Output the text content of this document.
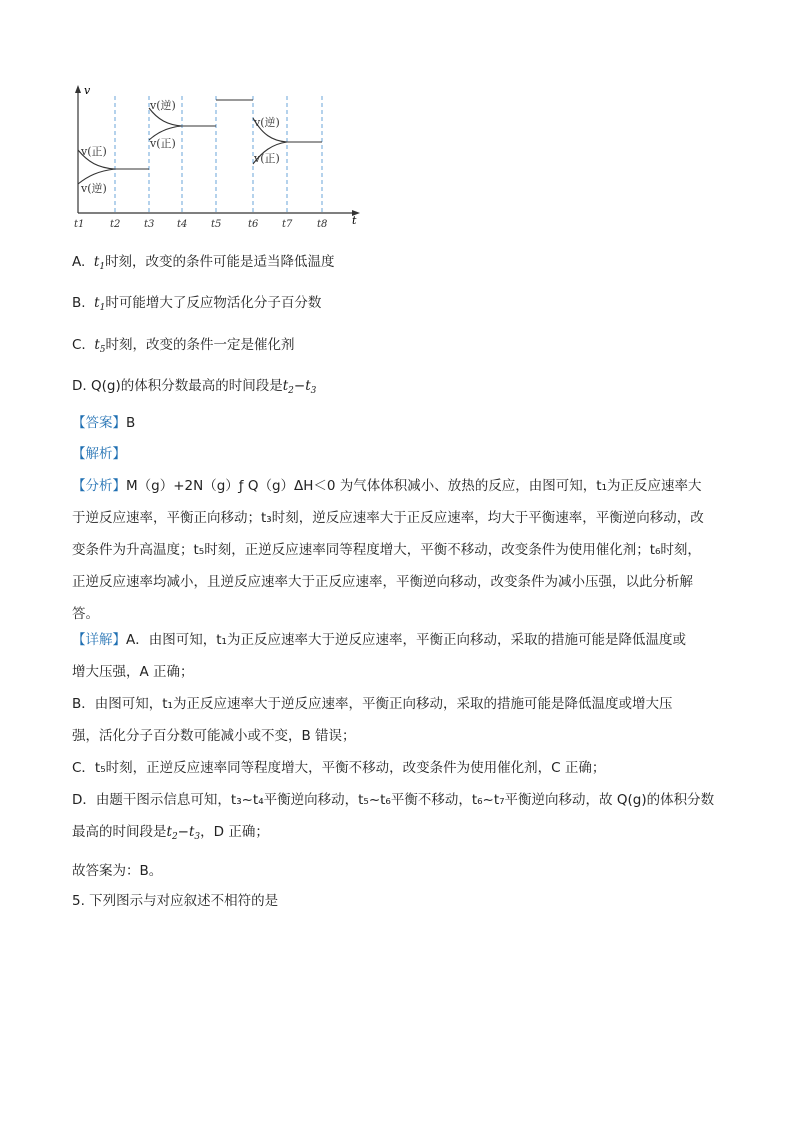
v
t
v(正)
v(逆)
v(逆)
v(正)
v(逆)
v(正)
t1	t2 t3 t4 t5	t6 t7 t8
A. $t_1$时刻，改变的条件可能是适当降低温度
B. $t_1$时可能增大了反应物活化分子百分数
C. $t_5$时刻，改变的条件一定是催化剂
D. Q(g)的体积分数最高的时间段是$t_2-t_3$
【答案】B
【解析】

【分析】M（g）+2N（g）ƒ Q（g）ΔH＜0 为气体体积减小、放热的反应，由图可知，t₁为正反应速率大

于逆反应速率，平衡正向移动；t₃时刻，逆反应速率大于正反应速率，均大于平衡速率，平衡逆向移动，改

变条件为升高温度；t₅时刻，正逆反应速率同等程度增大，平衡不移动，改变条件为使用催化剂；t₆时刻，

正逆反应速率均减小，且逆反应速率大于正反应速率，平衡逆向移动，改变条件为减小压强，以此分析解

答。

【详解】A．由图可知，t₁为正反应速率大于逆反应速率，平衡正向移动，采取的措施可能是降低温度或

增大压强，A 正确；

B．由图可知，t₁为正反应速率大于逆反应速率，平衡正向移动，采取的措施可能是降低温度或增大压

强，活化分子百分数可能减小或不变，B 错误；

C．t₅时刻，正逆反应速率同等程度增大，平衡不移动，改变条件为使用催化剂，C 正确；

D．由题干图示信息可知，t₃~t₄平衡逆向移动，t₅~t₆平衡不移动，t₆~t₇平衡逆向移动，故 Q(g)的体积分数

最高的时间段是$t_2-t_3$，D 正确；

故答案为：B。
5. 下列图示与对应叙述不相符的是
